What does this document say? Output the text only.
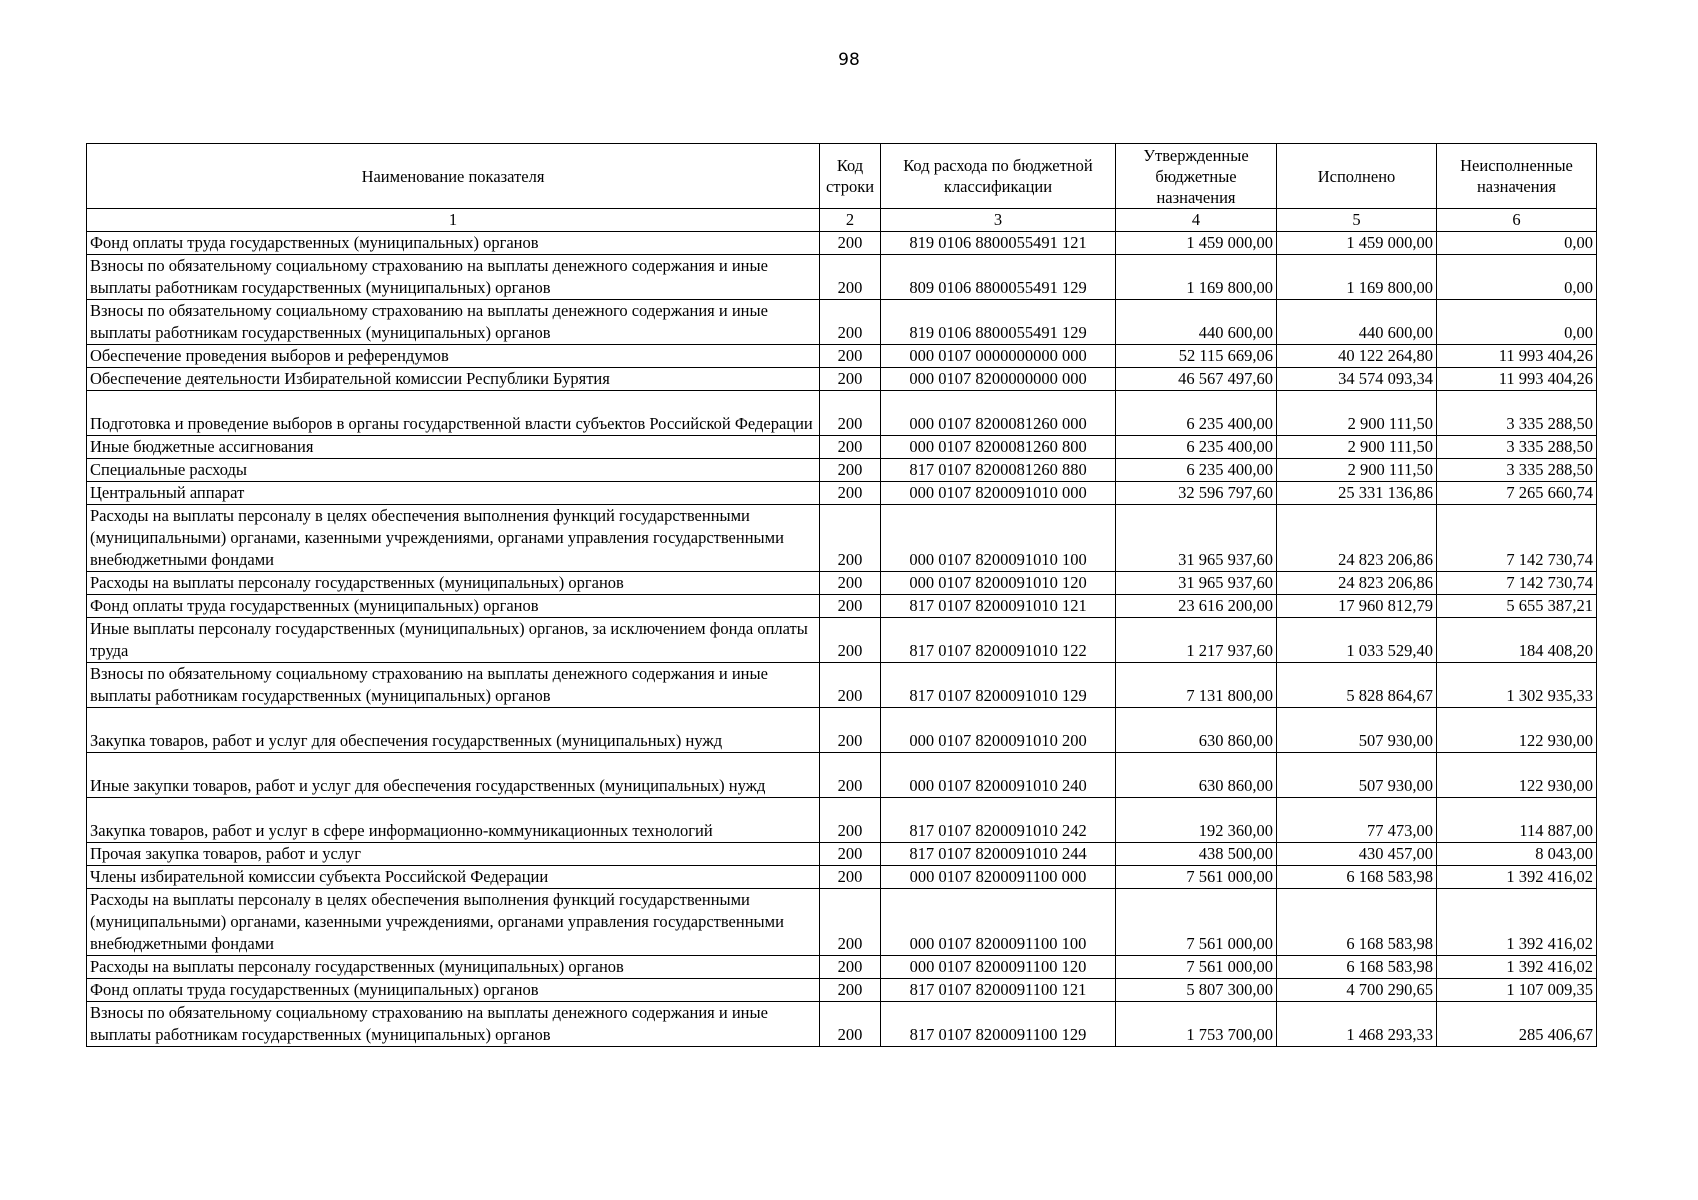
98
Наименование показателя	Код строки	Код расхода по бюджетной классификации	Утвержденные бюджетные назначения	Исполнено	Неисполненные назначения
1	2	3	4	5	6
Фонд оплаты труда государственных (муниципальных) органов	200	819 0106 8800055491 121	1 459 000,00	1 459 000,00	0,00
Взносы по обязательному социальному страхованию на выплаты денежного содержания и иные выплаты работникам государственных (муниципальных) органов	200	809 0106 8800055491 129	1 169 800,00	1 169 800,00	0,00
Взносы по обязательному социальному страхованию на выплаты денежного содержания и иные выплаты работникам государственных (муниципальных) органов	200	819 0106 8800055491 129	440 600,00	440 600,00	0,00
Обеспечение проведения выборов и референдумов	200	000 0107 0000000000 000	52 115 669,06	40 122 264,80	11 993 404,26
Обеспечение деятельности Избирательной комиссии Республики Бурятия	200	000 0107 8200000000 000	46 567 497,60	34 574 093,34	11 993 404,26
Подготовка и проведение выборов в органы государственной власти субъектов Российской Федерации	200	000 0107 8200081260 000	6 235 400,00	2 900 111,50	3 335 288,50
Иные бюджетные ассигнования	200	000 0107 8200081260 800	6 235 400,00	2 900 111,50	3 335 288,50
Специальные расходы	200	817 0107 8200081260 880	6 235 400,00	2 900 111,50	3 335 288,50
Центральный аппарат	200	000 0107 8200091010 000	32 596 797,60	25 331 136,86	7 265 660,74
Расходы на выплаты персоналу в целях обеспечения выполнения функций государственными (муниципальными) органами, казенными учреждениями, органами управления государственными внебюджетными фондами	200	000 0107 8200091010 100	31 965 937,60	24 823 206,86	7 142 730,74
Расходы на выплаты персоналу государственных (муниципальных) органов	200	000 0107 8200091010 120	31 965 937,60	24 823 206,86	7 142 730,74
Фонд оплаты труда государственных (муниципальных) органов	200	817 0107 8200091010 121	23 616 200,00	17 960 812,79	5 655 387,21
Иные выплаты персоналу государственных (муниципальных) органов, за исключением фонда оплаты труда	200	817 0107 8200091010 122	1 217 937,60	1 033 529,40	184 408,20
Взносы по обязательному социальному страхованию на выплаты денежного содержания и иные выплаты работникам государственных (муниципальных) органов	200	817 0107 8200091010 129	7 131 800,00	5 828 864,67	1 302 935,33
Закупка товаров, работ и услуг для обеспечения государственных (муниципальных) нужд	200	000 0107 8200091010 200	630 860,00	507 930,00	122 930,00
Иные закупки товаров, работ и услуг для обеспечения государственных (муниципальных) нужд	200	000 0107 8200091010 240	630 860,00	507 930,00	122 930,00
Закупка товаров, работ и услуг в сфере информационно-коммуникационных технологий	200	817 0107 8200091010 242	192 360,00	77 473,00	114 887,00
Прочая закупка товаров, работ и услуг	200	817 0107 8200091010 244	438 500,00	430 457,00	8 043,00
Члены избирательной комиссии субъекта Российской Федерации	200	000 0107 8200091100 000	7 561 000,00	6 168 583,98	1 392 416,02
Расходы на выплаты персоналу в целях обеспечения выполнения функций государственными (муниципальными) органами, казенными учреждениями, органами управления государственными внебюджетными фондами	200	000 0107 8200091100 100	7 561 000,00	6 168 583,98	1 392 416,02
Расходы на выплаты персоналу государственных (муниципальных) органов	200	000 0107 8200091100 120	7 561 000,00	6 168 583,98	1 392 416,02
Фонд оплаты труда государственных (муниципальных) органов	200	817 0107 8200091100 121	5 807 300,00	4 700 290,65	1 107 009,35
Взносы по обязательному социальному страхованию на выплаты денежного содержания и иные выплаты работникам государственных (муниципальных) органов	200	817 0107 8200091100 129	1 753 700,00	1 468 293,33	285 406,67
